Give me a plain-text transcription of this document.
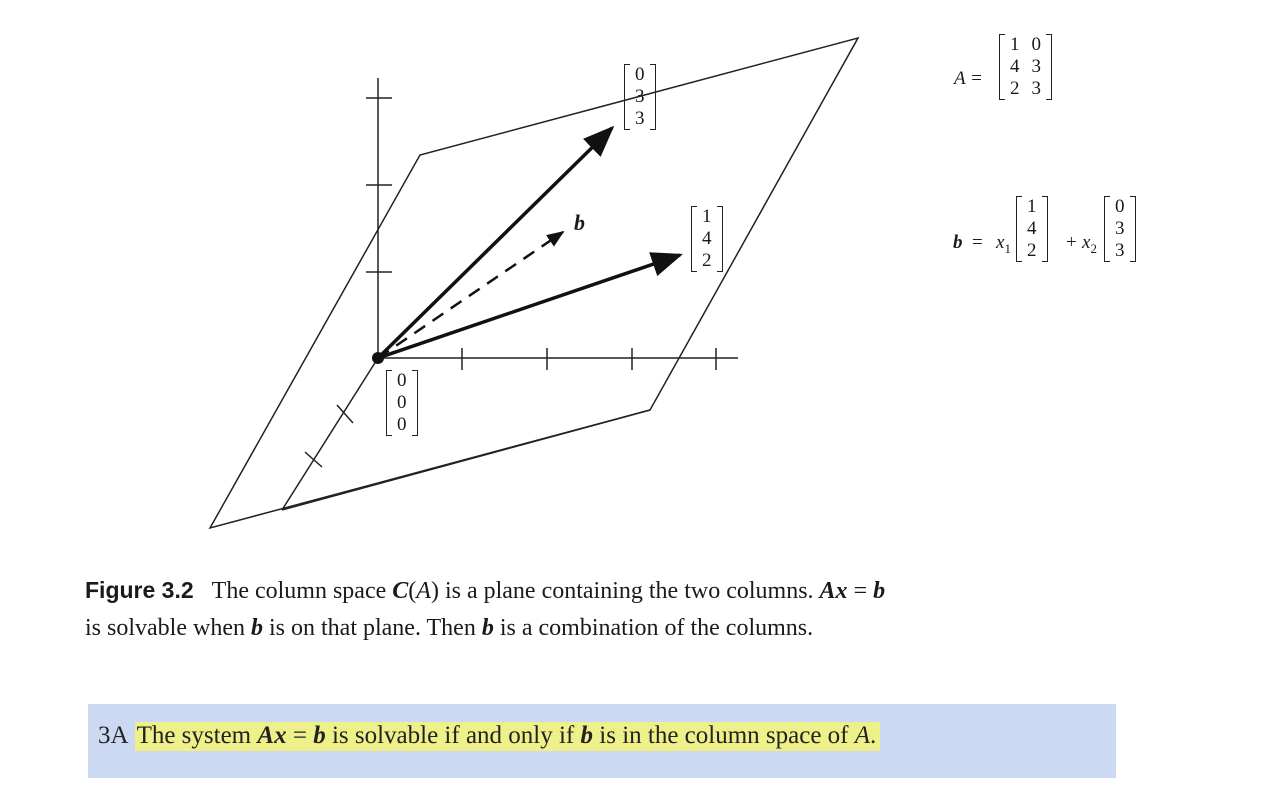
0
3
3
1
4
2
0
0
0
b
A =
1 0
4 3
2 3
$b = x_1$
1
4
$2 + x_2$
0
3
3
Figure 3.2 The column space C(A) is a plane containing the two columns. Ax = b
is solvable when b is on that plane. Then b is a combination of the columns.
3A The system Ax = b is solvable if and only if b is in the column space of A.
